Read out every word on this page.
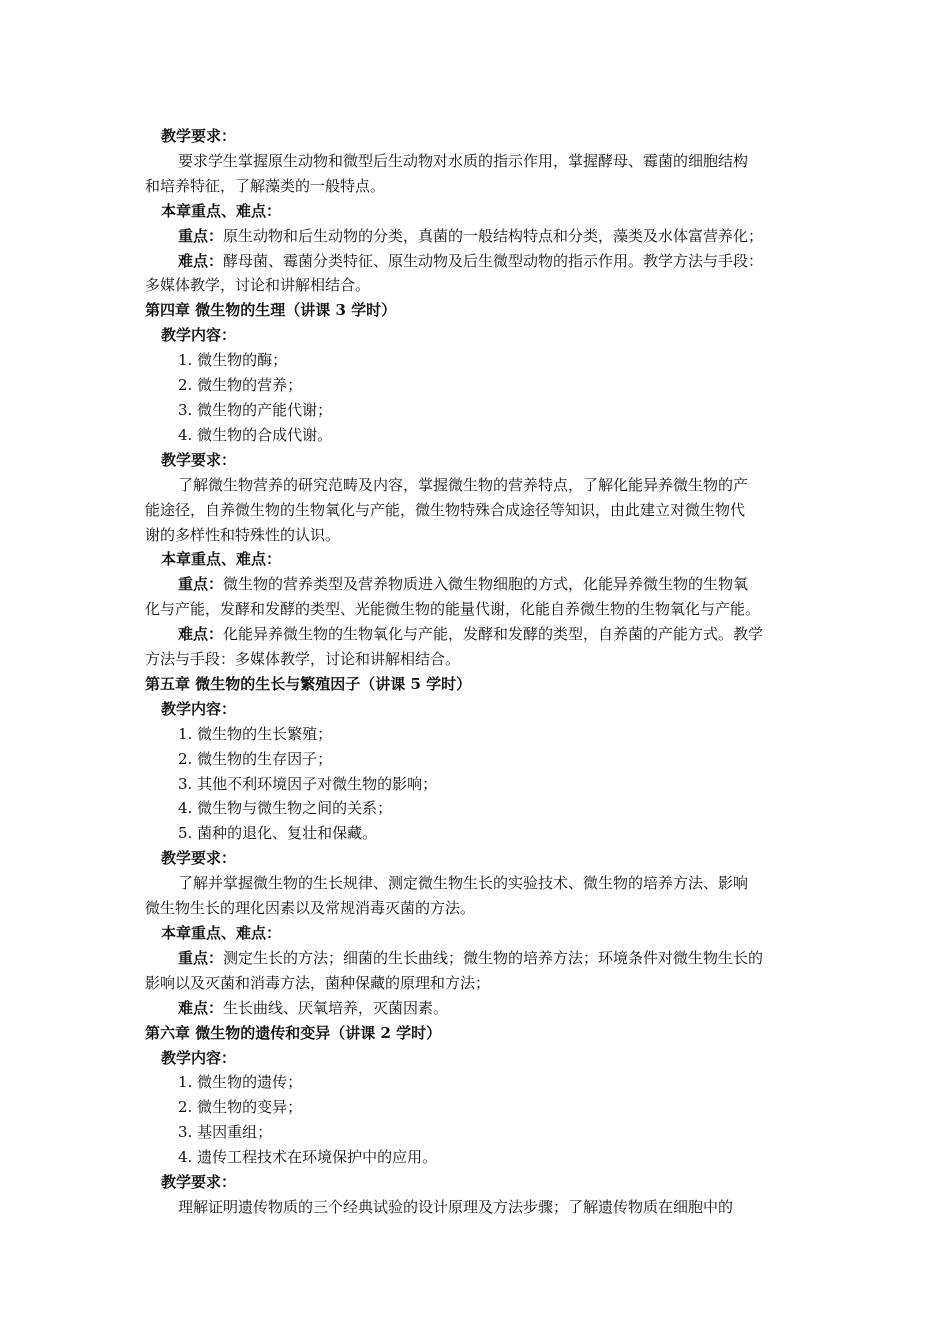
教学要求：
要求学生掌握原生动物和微型后生动物对水质的指示作用，掌握酵母、霉菌的细胞结构
和培养特征，了解藻类的一般特点。
本章重点、难点：
重点：原生动物和后生动物的分类，真菌的一般结构特点和分类，藻类及水体富营养化；
难点：酵母菌、霉菌分类特征、原生动物及后生微型动物的指示作用。教学方法与手段：
多媒体教学，讨论和讲解相结合。
第四章 微生物的生理（讲课 3 学时）
教学内容：
1. 微生物的酶；
2. 微生物的营养；
3. 微生物的产能代谢；
4. 微生物的合成代谢。
教学要求：
了解微生物营养的研究范畴及内容，掌握微生物的营养特点，了解化能异养微生物的产
能途径，自养微生物的生物氧化与产能，微生物特殊合成途径等知识，由此建立对微生物代
谢的多样性和特殊性的认识。
本章重点、难点：
重点：微生物的营养类型及营养物质进入微生物细胞的方式，化能异养微生物的生物氧
化与产能，发酵和发酵的类型、光能微生物的能量代谢，化能自养微生物的生物氧化与产能。
难点：化能异养微生物的生物氧化与产能，发酵和发酵的类型，自养菌的产能方式。教学
方法与手段：多媒体教学，讨论和讲解相结合。
第五章 微生物的生长与繁殖因子（讲课 5 学时）
教学内容：
1. 微生物的生长繁殖；
2. 微生物的生存因子；
3. 其他不利环境因子对微生物的影响；
4. 微生物与微生物之间的关系；
5. 菌种的退化、复壮和保藏。
教学要求：
了解并掌握微生物的生长规律、测定微生物生长的实验技术、微生物的培养方法、影响
微生物生长的理化因素以及常规消毒灭菌的方法。
本章重点、难点：
重点：测定生长的方法；细菌的生长曲线；微生物的培养方法；环境条件对微生物生长的
影响以及灭菌和消毒方法，菌种保藏的原理和方法；
难点：生长曲线、厌氧培养，灭菌因素。
第六章 微生物的遗传和变异（讲课 2 学时）
教学内容：
1. 微生物的遗传；
2. 微生物的变异；
3. 基因重组；
4. 遗传工程技术在环境保护中的应用。
教学要求：
理解证明遗传物质的三个经典试验的设计原理及方法步骤；了解遗传物质在细胞中的
